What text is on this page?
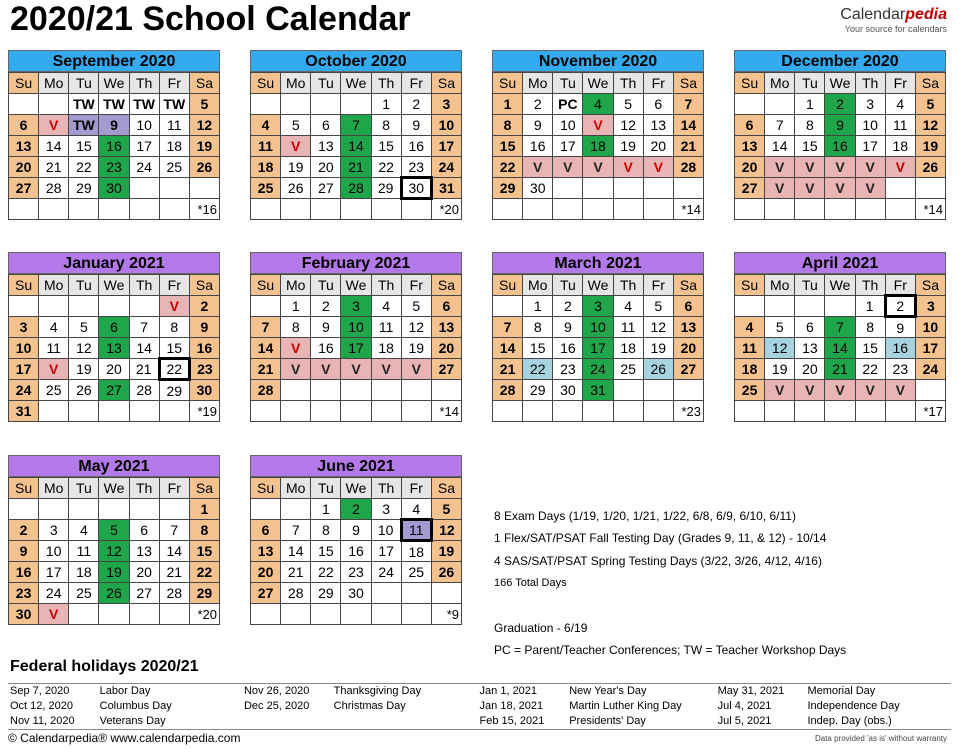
2020/21 School Calendar	Calendarpedia
Your source for calendars
September 2020
Su	Mo	Tu	We	Th	Fr	Sa
		TW	TW	TW	TW	5
6	V	TW	9	10	11	12
13	14	15	16	17	18	19
20	21	22	23	24	25	26
27	28	29	30			
						*16
October 2020
Su	Mo	Tu	We	Th	Fr	Sa
				1	2	3
4	5	6	7	8	9	10
11	V	13	14	15	16	17
18	19	20	21	22	23	24
25	26	27	28	29	30	31
						*20
November 2020
Su	Mo	Tu	We	Th	Fr	Sa
1	2	PC	4	5	6	7
8	9	10	V	12	13	14
15	16	17	18	19	20	21
22	V	V	V	V	V	28
29	30					
						*14
December 2020
Su	Mo	Tu	We	Th	Fr	Sa
		1	2	3	4	5
6	7	8	9	10	11	12
13	14	15	16	17	18	19
20	V	V	V	V	V	26
27	V	V	V	V		
						*14
January 2021
Su	Mo	Tu	We	Th	Fr	Sa
					V	2
3	4	5	6	7	8	9
10	11	12	13	14	15	16
17	V	19	20	21	22	23
24	25	26	27	28	29	30
31						*19
February 2021
Su	Mo	Tu	We	Th	Fr	Sa
	1	2	3	4	5	6
7	8	9	10	11	12	13
14	V	16	17	18	19	20
21	V	V	V	V	V	27
28						
						*14
March 2021
Su	Mo	Tu	We	Th	Fr	Sa
	1	2	3	4	5	6
7	8	9	10	11	12	13
14	15	16	17	18	19	20
21	22	23	24	25	26	27
28	29	30	31			
						*23
April 2021
Su	Mo	Tu	We	Th	Fr	Sa
				1	2	3
4	5	6	7	8	9	10
11	12	13	14	15	16	17
18	19	20	21	22	23	24
25	V	V	V	V	V	
						*17
May 2021
Su	Mo	Tu	We	Th	Fr	Sa
						1
2	3	4	5	6	7	8
9	10	11	12	13	14	15
16	17	18	19	20	21	22
23	24	25	26	27	28	29
30	V					*20
June 2021
Su	Mo	Tu	We	Th	Fr	Sa
		1	2	3	4	5
6	7	8	9	10	11	12
13	14	15	16	17	18	19
20	21	22	23	24	25	26
27	28	29	30			
						*9
8 Exam Days (1/19, 1/20, 1/21, 1/22, 6/8, 6/9, 6/10, 6/11)
1 Flex/SAT/PSAT Fall Testing Day (Grades 9, 11, & 12) - 10/14
4 SAS/SAT/PSAT Spring Testing Days (3/22, 3/26, 4/12, 4/16)
166 Total Days
Graduation - 6/19
PC = Parent/Teacher Conferences; TW = Teacher Workshop Days
Federal holidays 2020/21
Sep 7, 2020	Labor Day	Nov 26, 2020	Thanksgiving Day	Jan 1, 2021	New Year's Day	May 31, 2021	Memorial Day
Oct 12, 2020	Columbus Day	Dec 25, 2020	Christmas Day	Jan 18, 2021	Martin Luther King Day	Jul 4, 2021	Independence Day
Nov 11, 2020	Veterans Day			Feb 15, 2021	Presidents' Day	Jul 5, 2021	Indep. Day (obs.)
© Calendarpedia® www.calendarpedia.com	Data provided 'as is' without warranty
